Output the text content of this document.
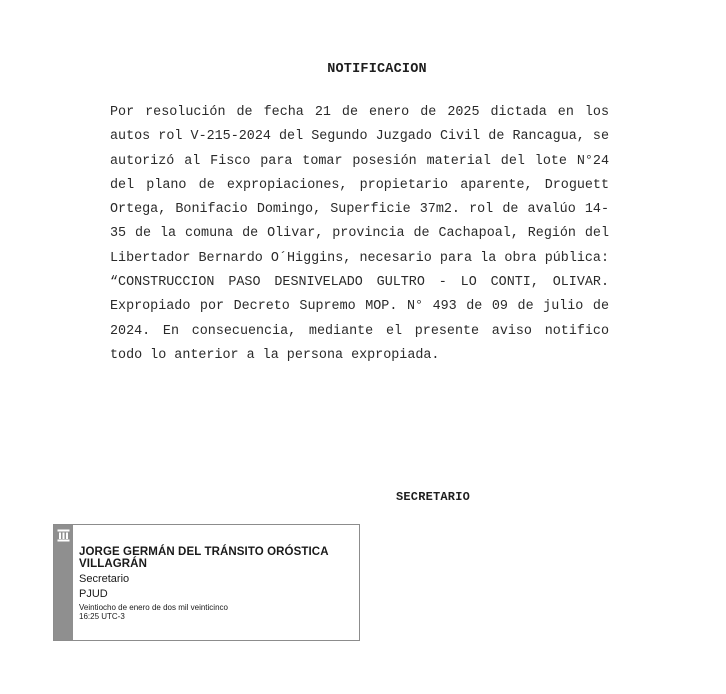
NOTIFICACION

Por resolución de fecha 21 de enero de 2025 dictada en los autos rol V-215-2024 del Segundo Juzgado Civil de Rancagua, se autorizó al Fisco para tomar posesión material del lote N°24 del plano de expropiaciones, propietario aparente, Droguett Ortega, Bonifacio Domingo, Superficie 37m2. rol de avalúo 14-35 de la comuna de Olivar, provincia de Cachapoal, Región del Libertador Bernardo O´Higgins, necesario para la obra pública: “CONSTRUCCION PASO DESNIVELADO GULTRO - LO CONTI, OLIVAR. Expropiado por Decreto Supremo MOP. N° 493 de 09 de julio de 2024. En consecuencia, mediante el presente aviso notifico todo lo anterior a la persona expropiada.

SECRETARIO
JORGE GERMÁN DEL TRÁNSITO ORÓSTICA VILLAGRÁN
Secretario
PJUD
Veintiocho de enero de dos mil veinticinco
16:25 UTC-3
